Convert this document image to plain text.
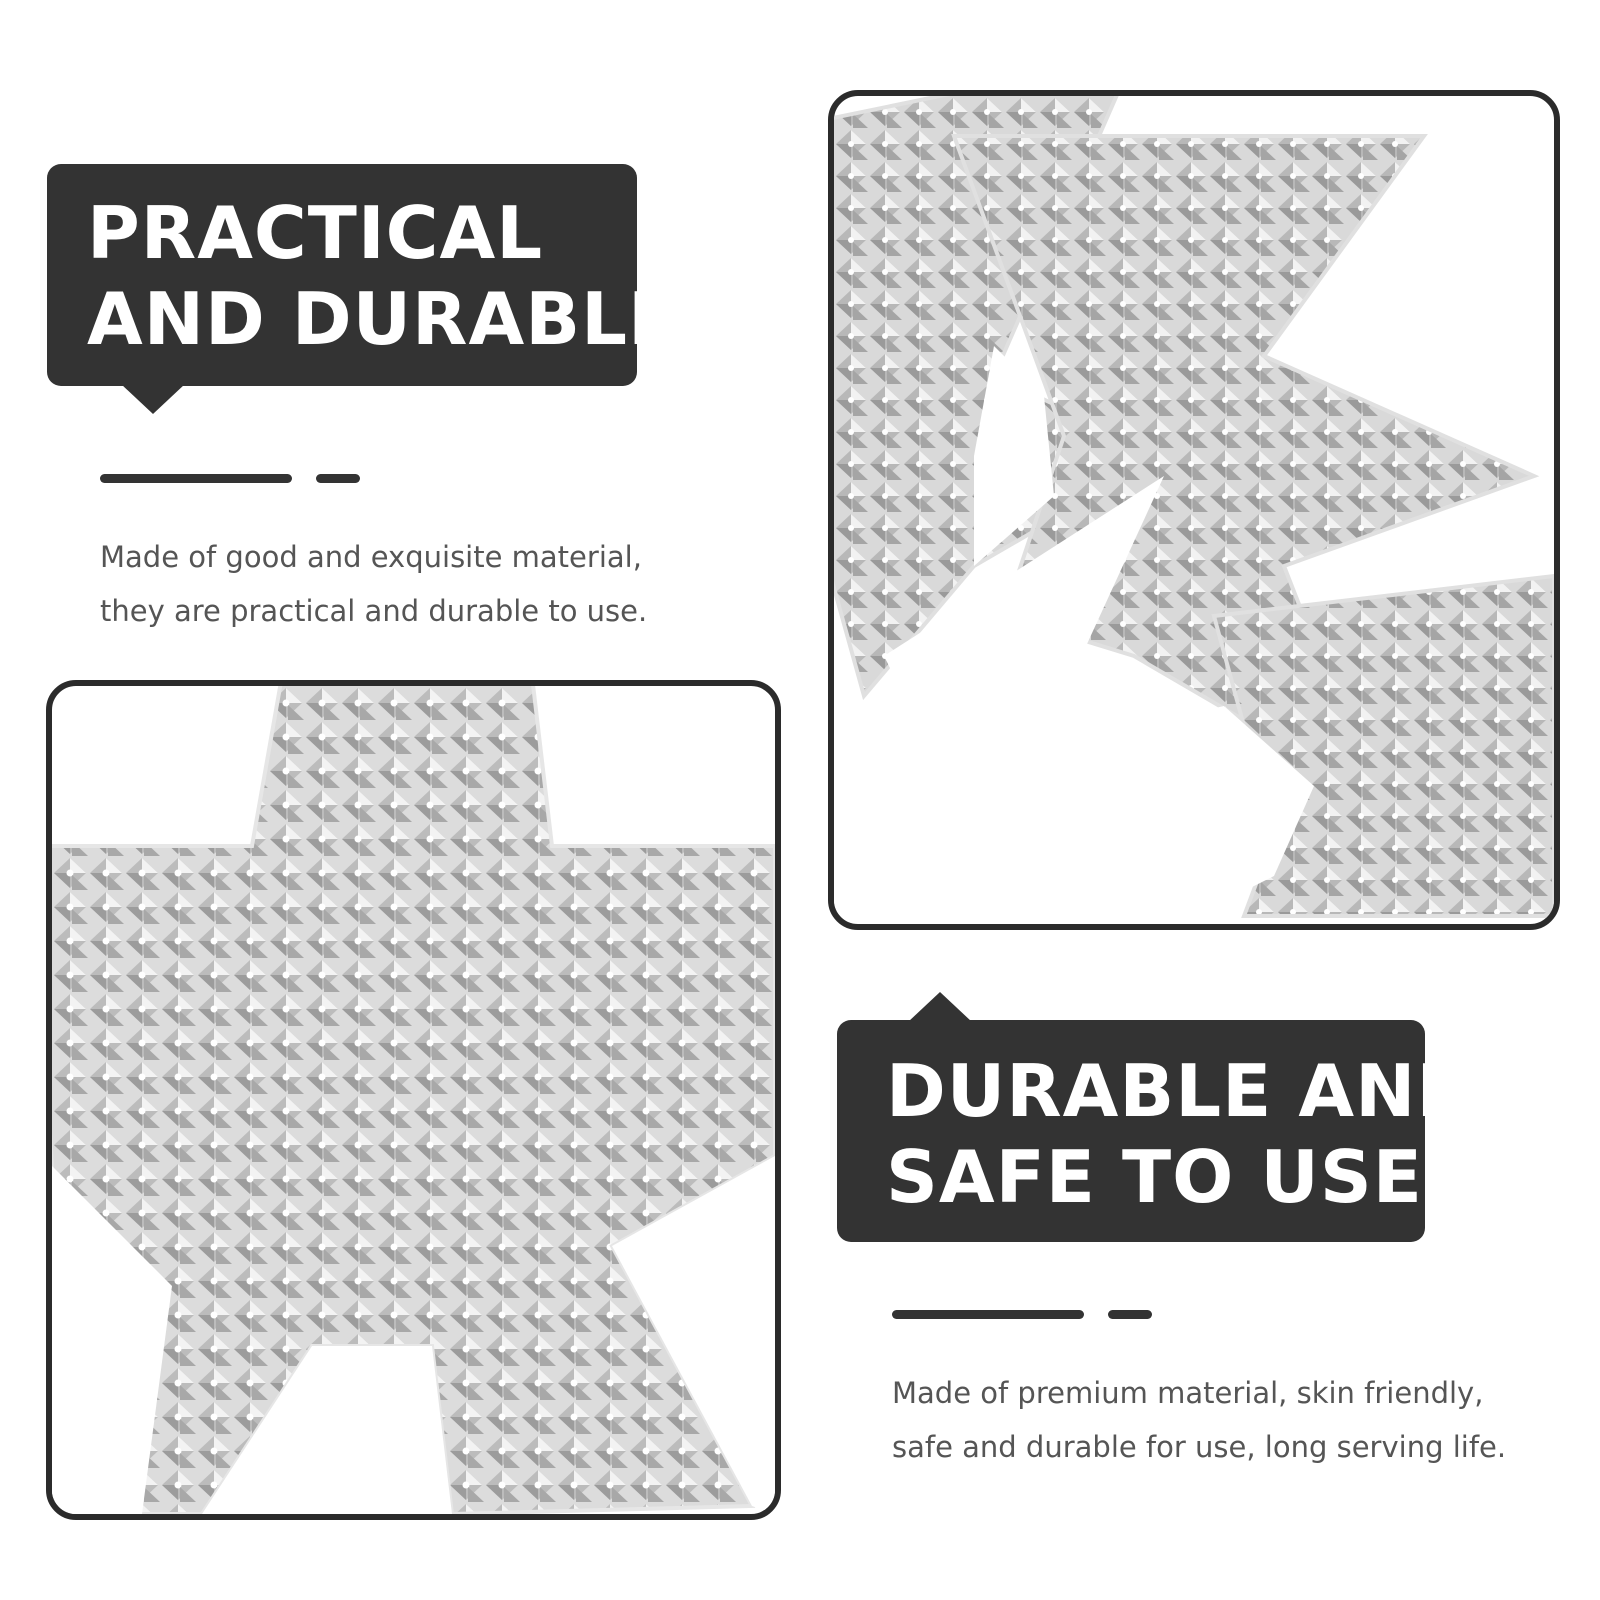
PRACTICAL
AND DURABLE
Made of good and exquisite material,
they are practical and durable to use.
DURABLE AND
SAFE TO USE
Made of premium material, skin friendly,
safe and durable for use, long serving life.
